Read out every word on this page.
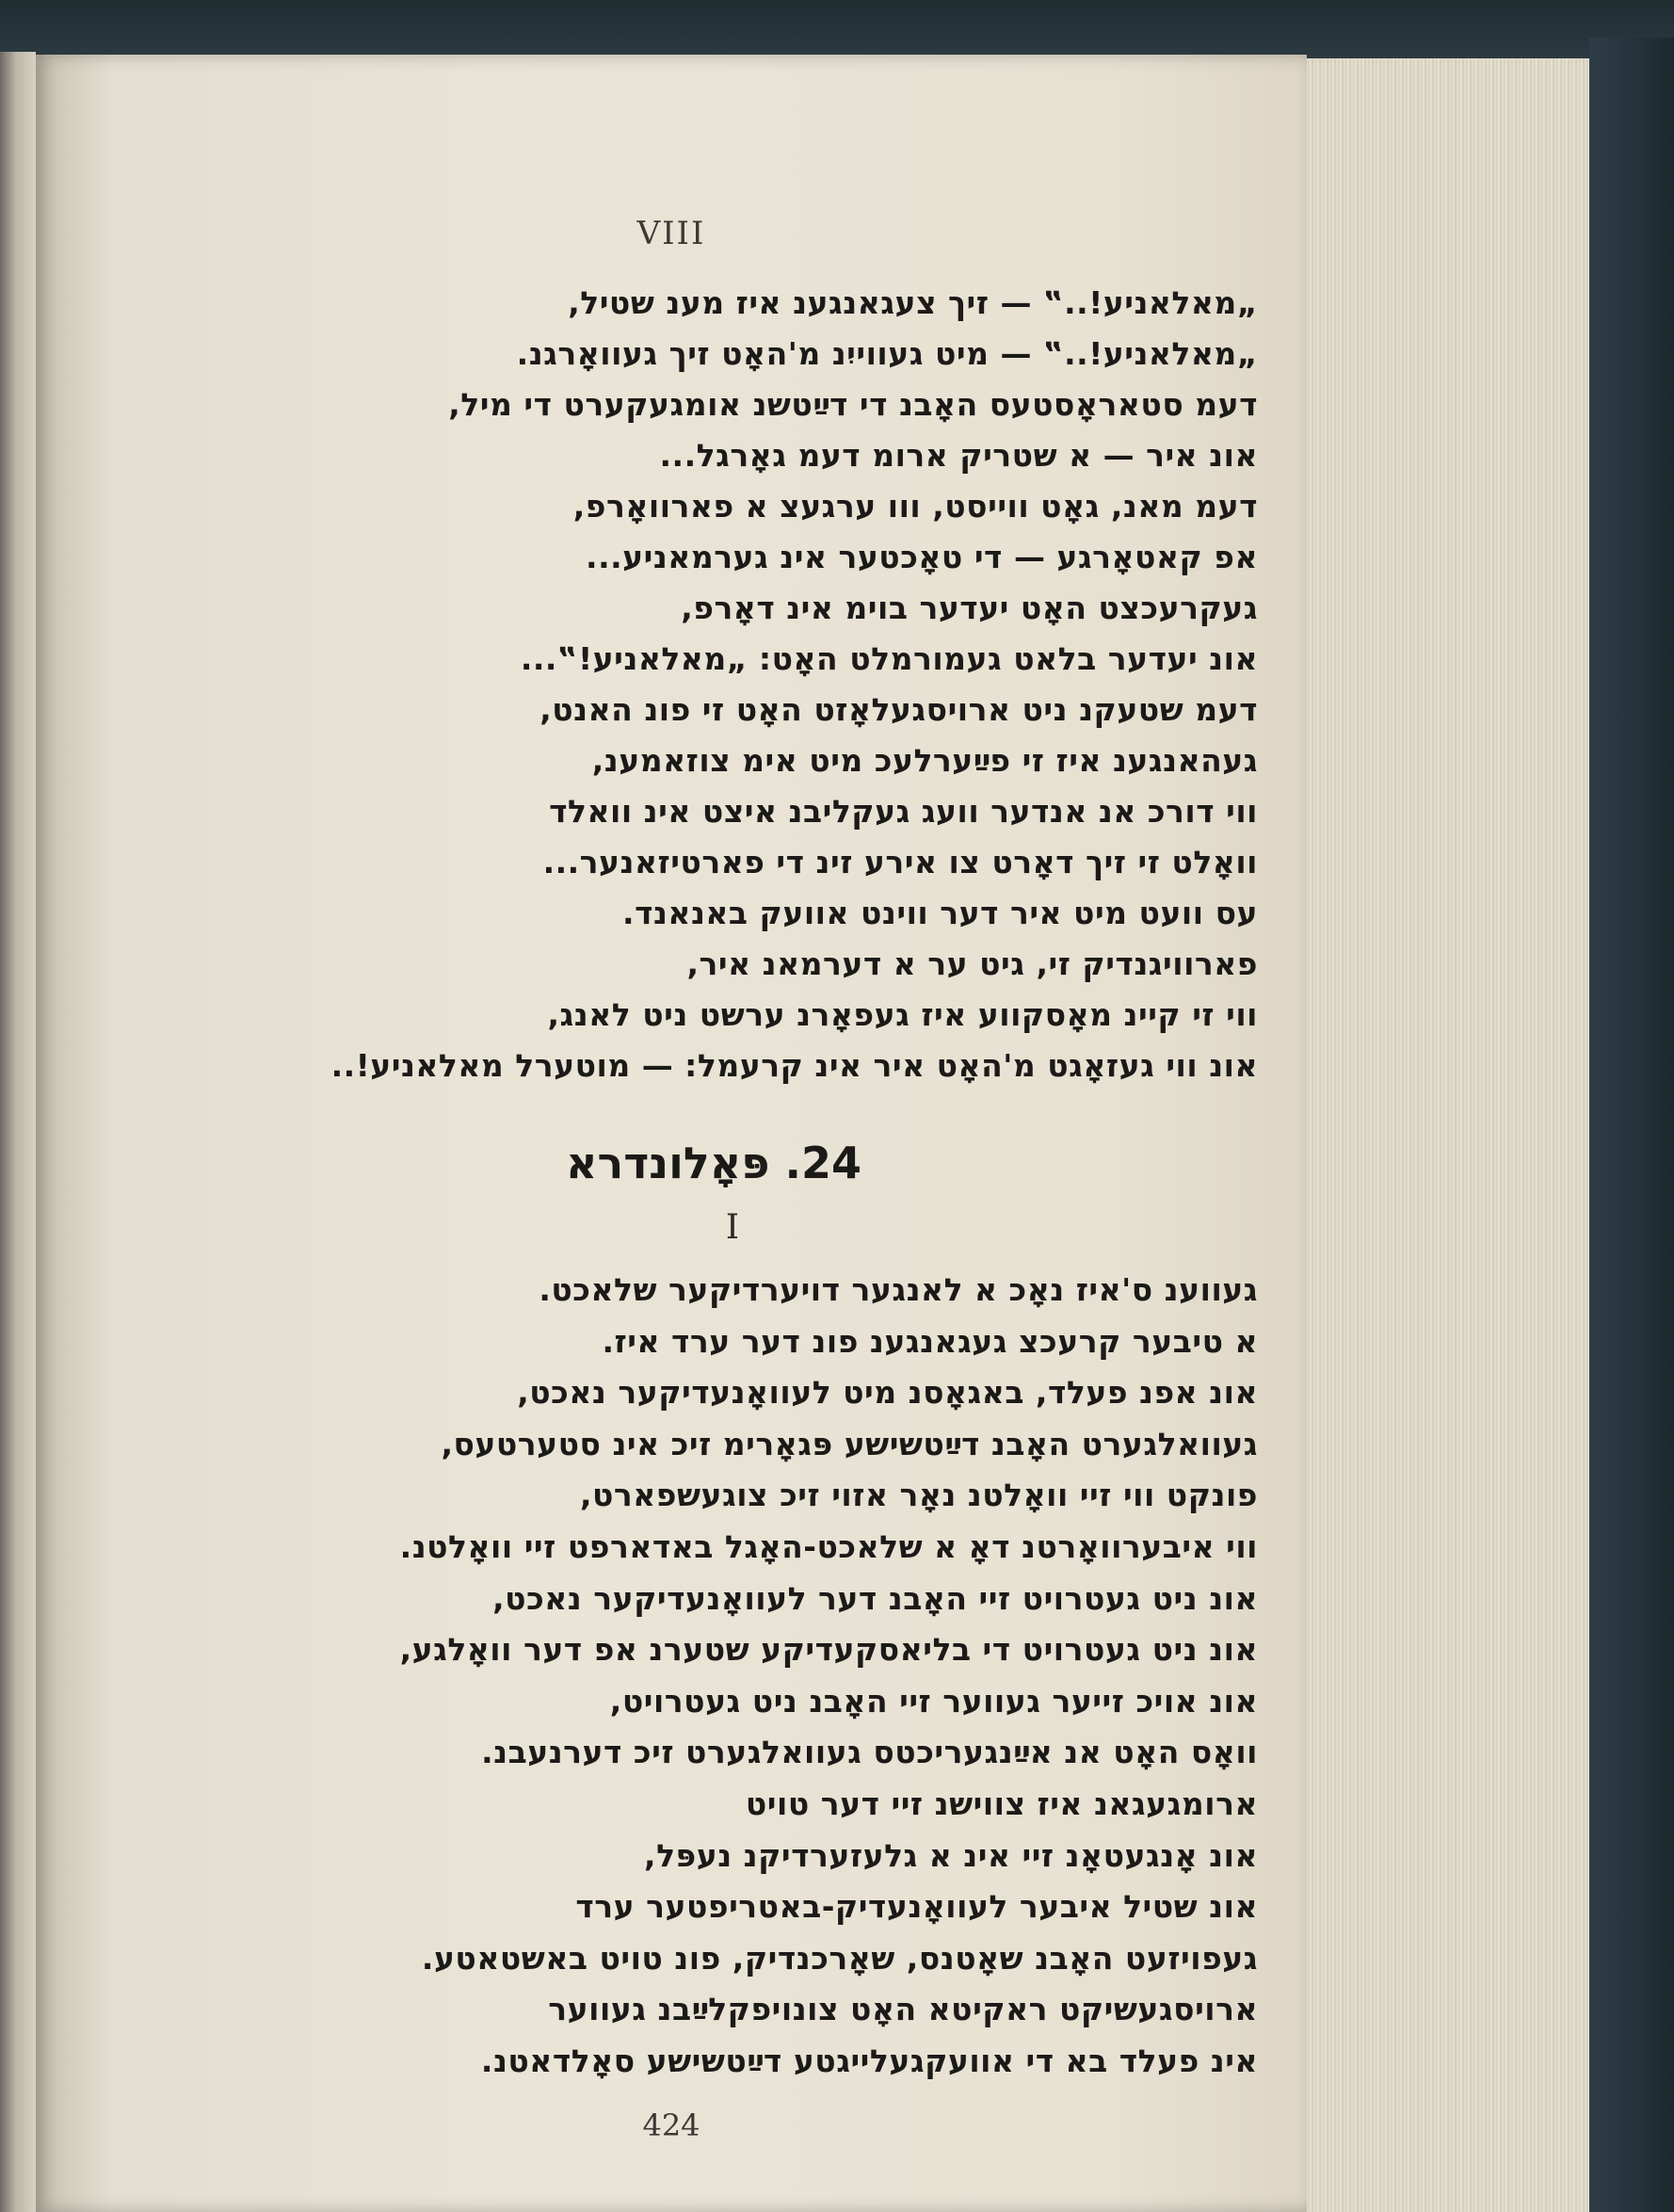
VIII
„מאלאניע!..‟ — זיך צעגאנגענ איז מענ שטיל,
„מאלאניע!..‟ — מיט געווייִנ מ'האָט זיך געוואָרגנ.
דעמ סטאראָסטעס האָבנ די דײַטשנ אומגעקערט די מיל,
אונ איר — א שטריק ארומ דעמ גאָרגל...
דעמ מאנ, גאָט ווייסט, ווו ערגעצ א פארוואָרפ,
אפ קאטאָרגע — די טאָכטער אינ גערמאניע...
געקרעכצט האָט יעדער בוימ אינ דאָרפ,
אונ יעדער בלאט געמורמלט האָט: „מאלאניע!‟...
דעמ שטעקנ ניט ארויסגעלאָזט האָט זי פונ האנט,
געהאנגענ איז זי פײַערלעכ מיט אימ צוזאמענ,
ווי דורכ אנ אנדער וועג געקליבנ איצט אינ וואלד
וואָלט זי זיך דאָרט צו אירע זינ די פארטיזאנער...
עס וועט מיט איר דער ווינט אוועק באנאנד.
פארוויגנדיק זי, גיט ער א דערמאנ איר,
ווי זי קיינ מאָסקווע איז געפאָרנ ערשט ניט לאנג,
אונ ווי געזאָגט מ'האָט איר אינ קרעמל: — מוטערל מאלאניע!..
24. פּאָלונדרא
I
געווענ ס'איז נאָכ א לאנגער דויערדיקער שלאכט.
א טיבער קרעכצ געגאנגענ פונ דער ערד איז.
אונ אפנ פעלד, באגאָסנ מיט לעוואָנעדיקער נאכט,
געוואלגערט האָבנ דײַטשישע פּגאָרימ זיכ אינ סטערטעס,
פונקט ווי זיי וואָלטנ נאָר אזוי זיכ צוגעשפארט,
ווי איבערוואָרטנ דאָ א שלאכט-האָגל באדארפט זיי וואָלטנ.
אונ ניט געטרויט זיי האָבנ דער לעוואָנעדיקער נאכט,
אונ ניט געטרויט די בליאסקעדיקע שטערנ אפ דער וואָלגע,
אונ אויכ זייער געווער זיי האָבנ ניט געטרויט,
וואָס האָט אנ אײַנגעריכטס געוואלגערט זיכ דערנעבנ.
ארומגעגאנ איז צווישנ זיי דער טויט
אונ אָנגעטאָנ זיי אינ א גלעזערדיקנ נעפּל,
אונ שטיל איבער לעוואָנעדיק-באטריפטער ערד
געפויזעט האָבנ שאָטנס, שאָרכנדיק, פונ טויט באשטאטע.
ארויסגעשיקט ראקיטא האָט צונויפקלײַבנ געווער
אינ פעלד בא די אוועקגעלייגטע דײַטשישע סאָלדאטנ.
424
